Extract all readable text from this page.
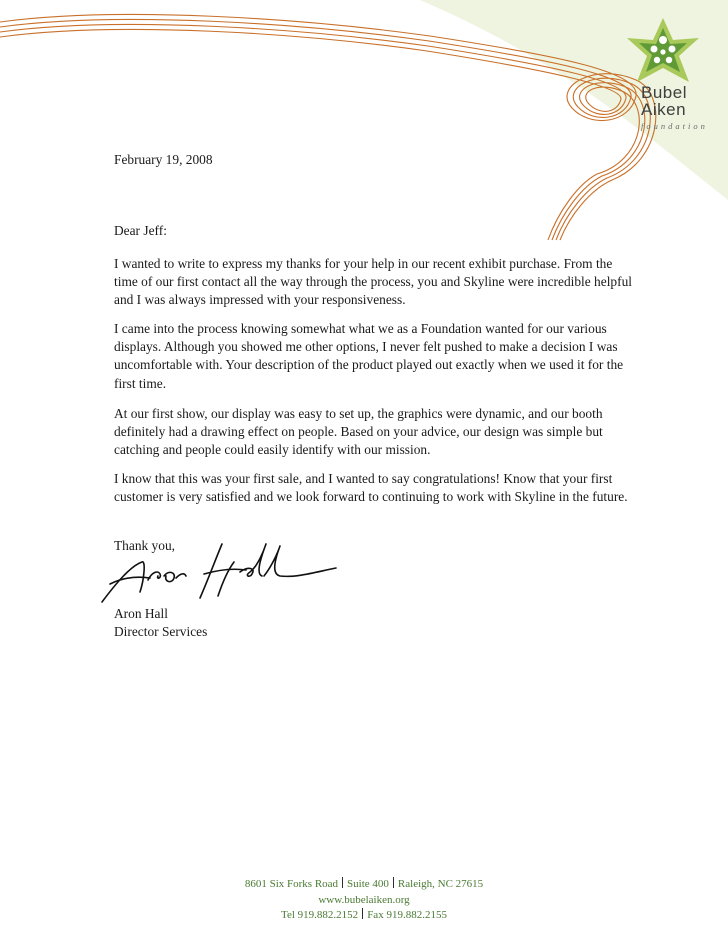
Bubel
Aiken
foundation
February 19, 2008
Dear Jeff:

I wanted to write to express my thanks for your help in our recent exhibit purchase. From the time of our first contact all the way through the process, you and Skyline were incredible helpful and I was always impressed with your responsiveness.

I came into the process knowing somewhat what we as a Foundation wanted for our various displays. Although you showed me other options, I never felt pushed to make a decision I was uncomfortable with. Your description of the product played out exactly when we used it for the first time.

At our first show, our display was easy to set up, the graphics were dynamic, and our booth definitely had a drawing effect on people. Based on your advice, our design was simple but catching and people could easily identify with our mission.

I know that this was your first sale, and I wanted to say congratulations! Know that your first customer is very satisfied and we look forward to continuing to work with Skyline in the future.

Thank you,
Aron Hall
Director Services
8601 Six Forks Road Suite 400 Raleigh, NC 27615
www.bubelaiken.org
Tel 919.882.2152 Fax 919.882.2155
